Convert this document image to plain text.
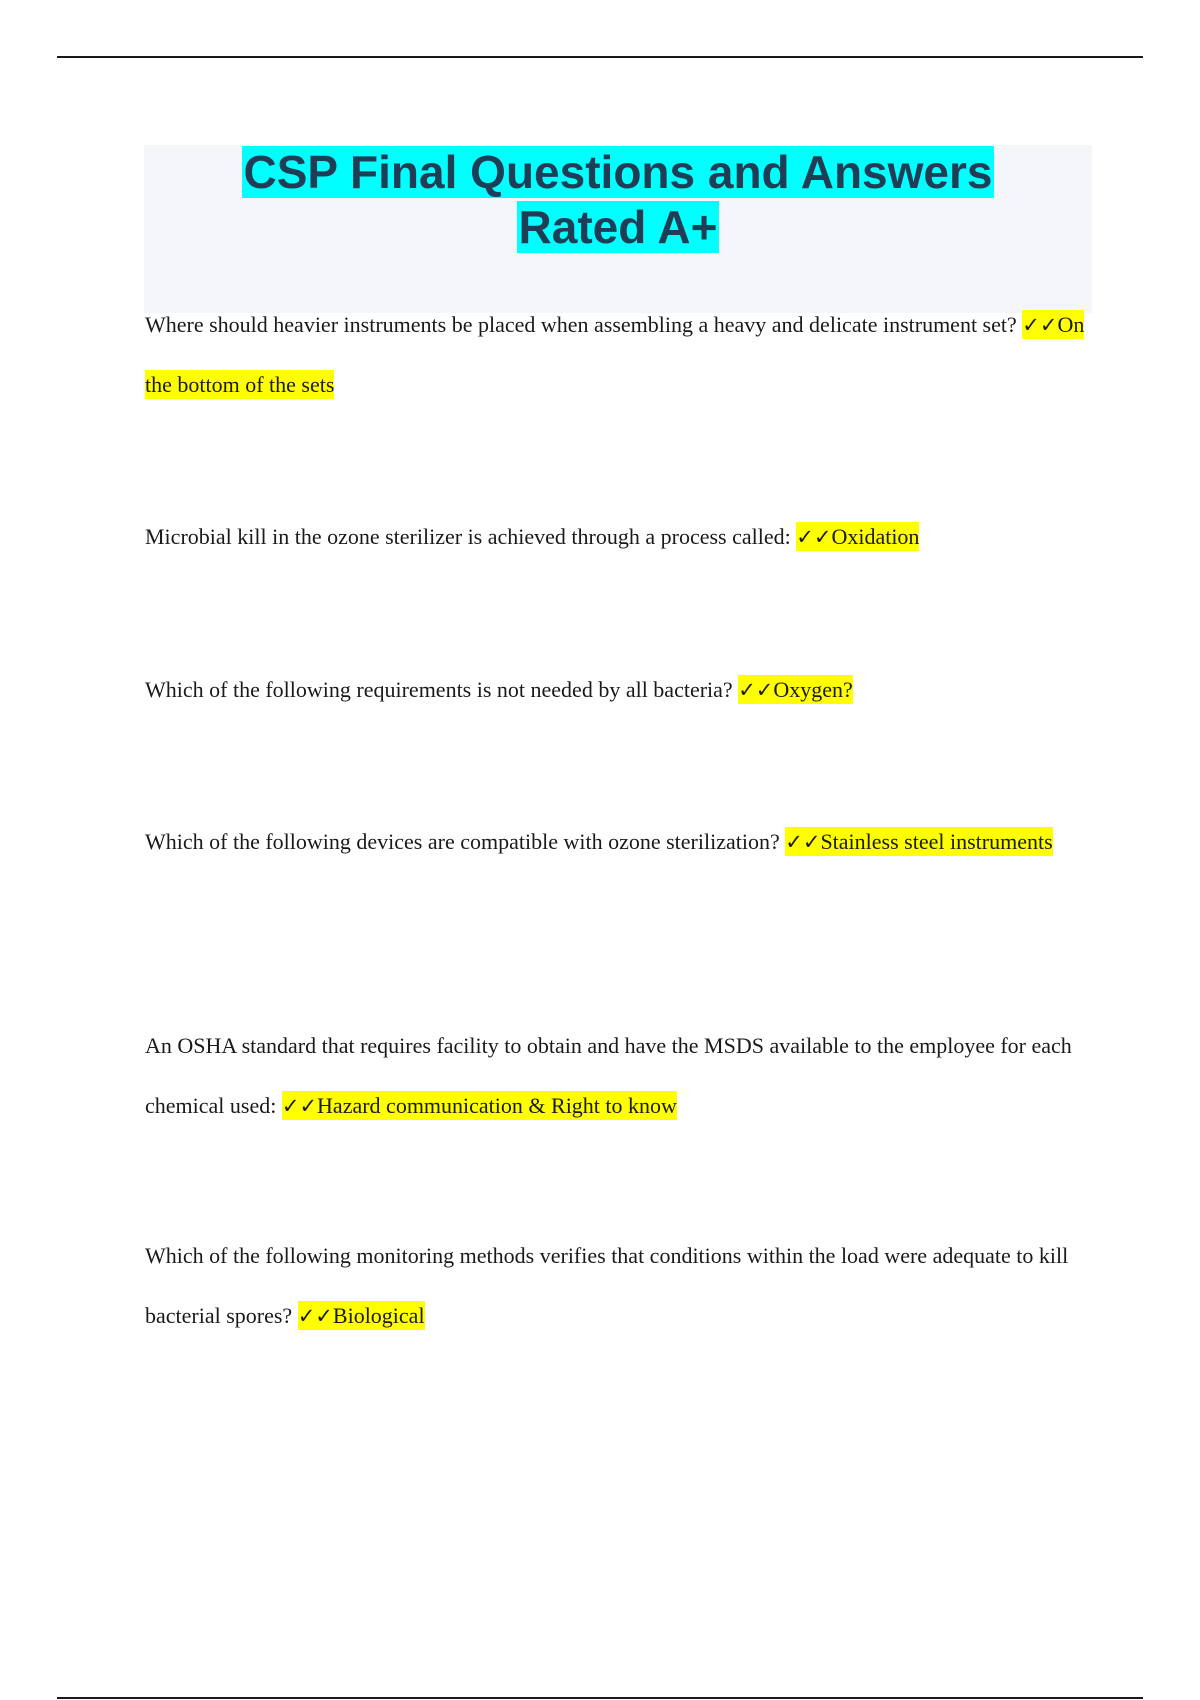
CSP Final Questions and Answers
Rated A+

Where should heavier instruments be placed when assembling a heavy and delicate instrument set? ✓✓On the bottom of the sets

Microbial kill in the ozone sterilizer is achieved through a process called: ✓✓Oxidation

Which of the following requirements is not needed by all bacteria? ✓✓Oxygen?

Which of the following devices are compatible with ozone sterilization? ✓✓Stainless steel instruments

An OSHA standard that requires facility to obtain and have the MSDS available to the employee for each chemical used: ✓✓Hazard communication & Right to know

Which of the following monitoring methods verifies that conditions within the load were adequate to kill bacterial spores? ✓✓Biological
